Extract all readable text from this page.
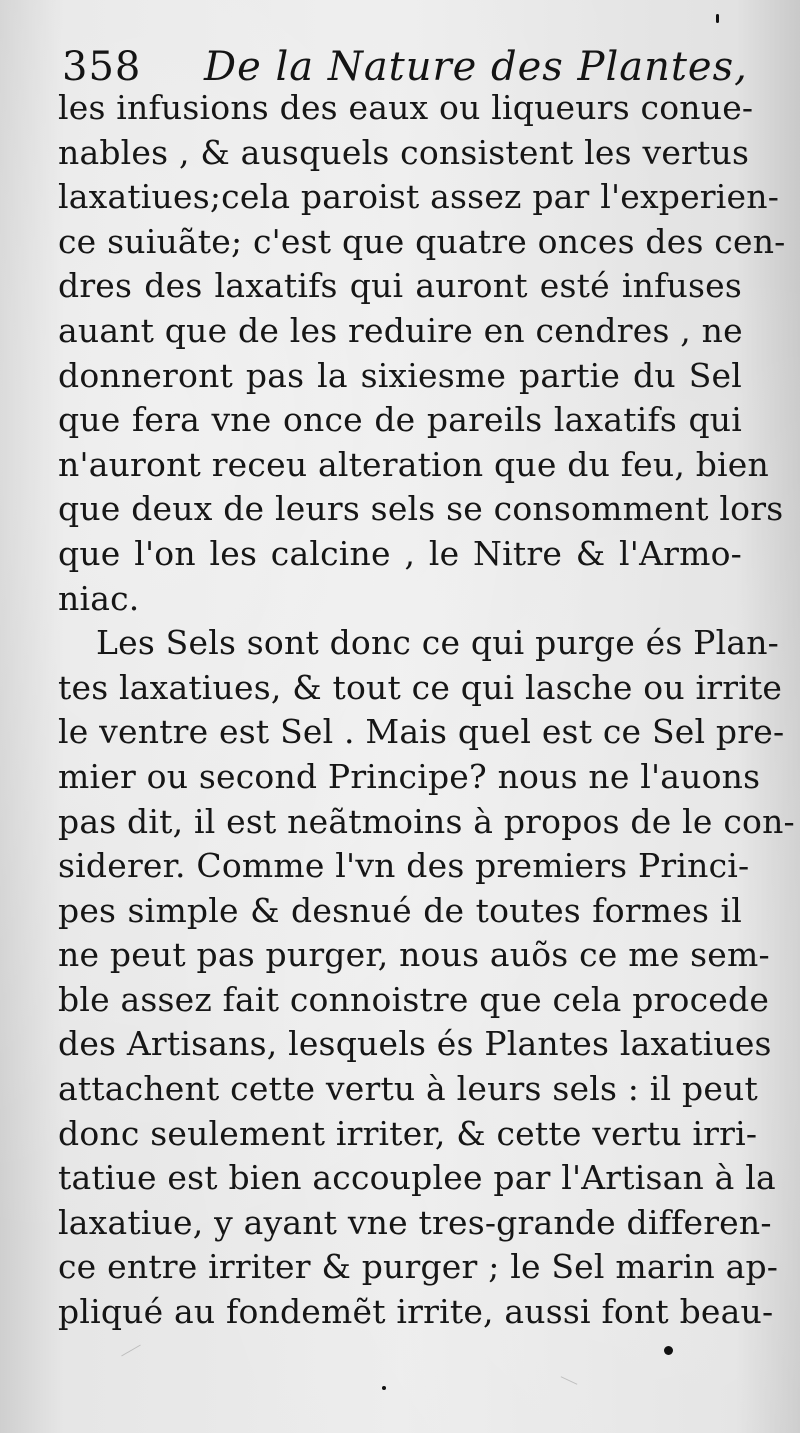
358 De la Nature des Plantes,
les infusions des eaux ou liqueurs conue-
nables , & ausquels consistent les vertus
laxatiues;cela paroist assez par l'experien-
ce suiuãte; c'est que quatre onces des cen-
dres des laxatifs qui auront esté infuses
auant que de les reduire en cendres , ne
donneront pas la sixiesme partie du Sel
que fera vne once de pareils laxatifs qui
n'auront receu alteration que du feu, bien
que deux de leurs sels se consomment lors
que l'on les calcine , le Nitre & l'Armo-
niac.
Les Sels sont donc ce qui purge és Plan-
tes laxatiues, & tout ce qui lasche ou irrite
le ventre est Sel . Mais quel est ce Sel pre-
mier ou second Principe? nous ne l'auons
pas dit, il est neãtmoins à propos de le con-
siderer. Comme l'vn des premiers Princi-
pes simple & desnué de toutes formes il
ne peut pas purger, nous auõs ce me sem-
ble assez fait connoistre que cela procede
des Artisans, lesquels és Plantes laxatiues
attachent cette vertu à leurs sels : il peut
donc seulement irriter, & cette vertu irri-
tatiue est bien accouplee par l'Artisan à la
laxatiue, y ayant vne tres-grande differen-
ce entre irriter & purger ; le Sel marin ap-
pliqué au fondemẽt irrite, aussi font beau-
